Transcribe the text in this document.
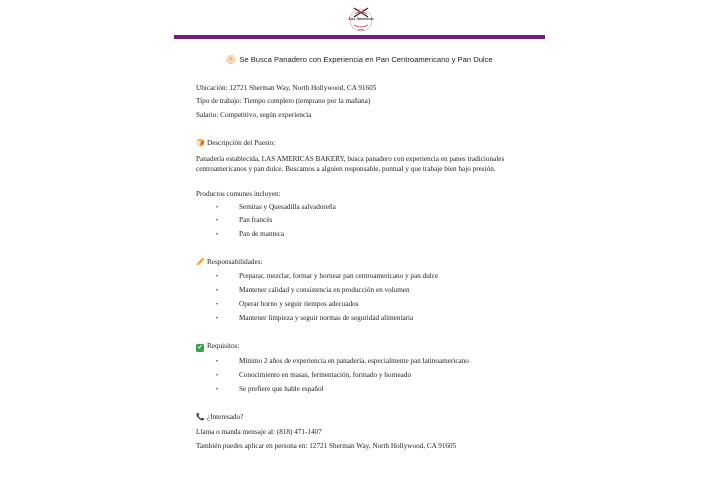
Las Americas
🫓 Se Busca Panadero con Experiencia en Pan Centroamericano y Pan Dulce
Ubicación: 12721 Sherman Way, North Hollywood, CA 91605
Tipo de trabajo: Tiempo completo (temprano por la mañana)
Salario: Competitivo, según experiencia
🍞 Descripción del Puesto:
Panadería establecida, LAS AMERICAS BAKERY, busca panadero con experiencia en panes tradicionales centroamericanos y pan dulce. Buscamos a alguien responsable, puntual y que trabaje bien bajo presión.
Productos comunes incluyen:
•	Semitas y Quesadilla salvadoreña
•	Pan francés
•	Pan de manteca
🥖 Responsabilidades:
•	Preparar, mezclar, formar y hornear pan centroamericano y pan dulce
•	Mantener calidad y consistencia en producción en volumen
•	Operar horno y seguir tiempos adecuados
•	Mantener limpieza y seguir normas de seguridad alimentaria
✔ Requisitos:
•	Mínimo 2 años de experiencia en panadería, especialmente pan latinoamericano
•	Conocimiento en masas, fermentación, formado y horneado
•	Se prefiere que hable español
📞 ¿Interesado?
Llama o manda mensaje al: (818) 471-1407
También puedes aplicar en persona en: 12721 Sherman Way, North Hollywood, CA 91605
